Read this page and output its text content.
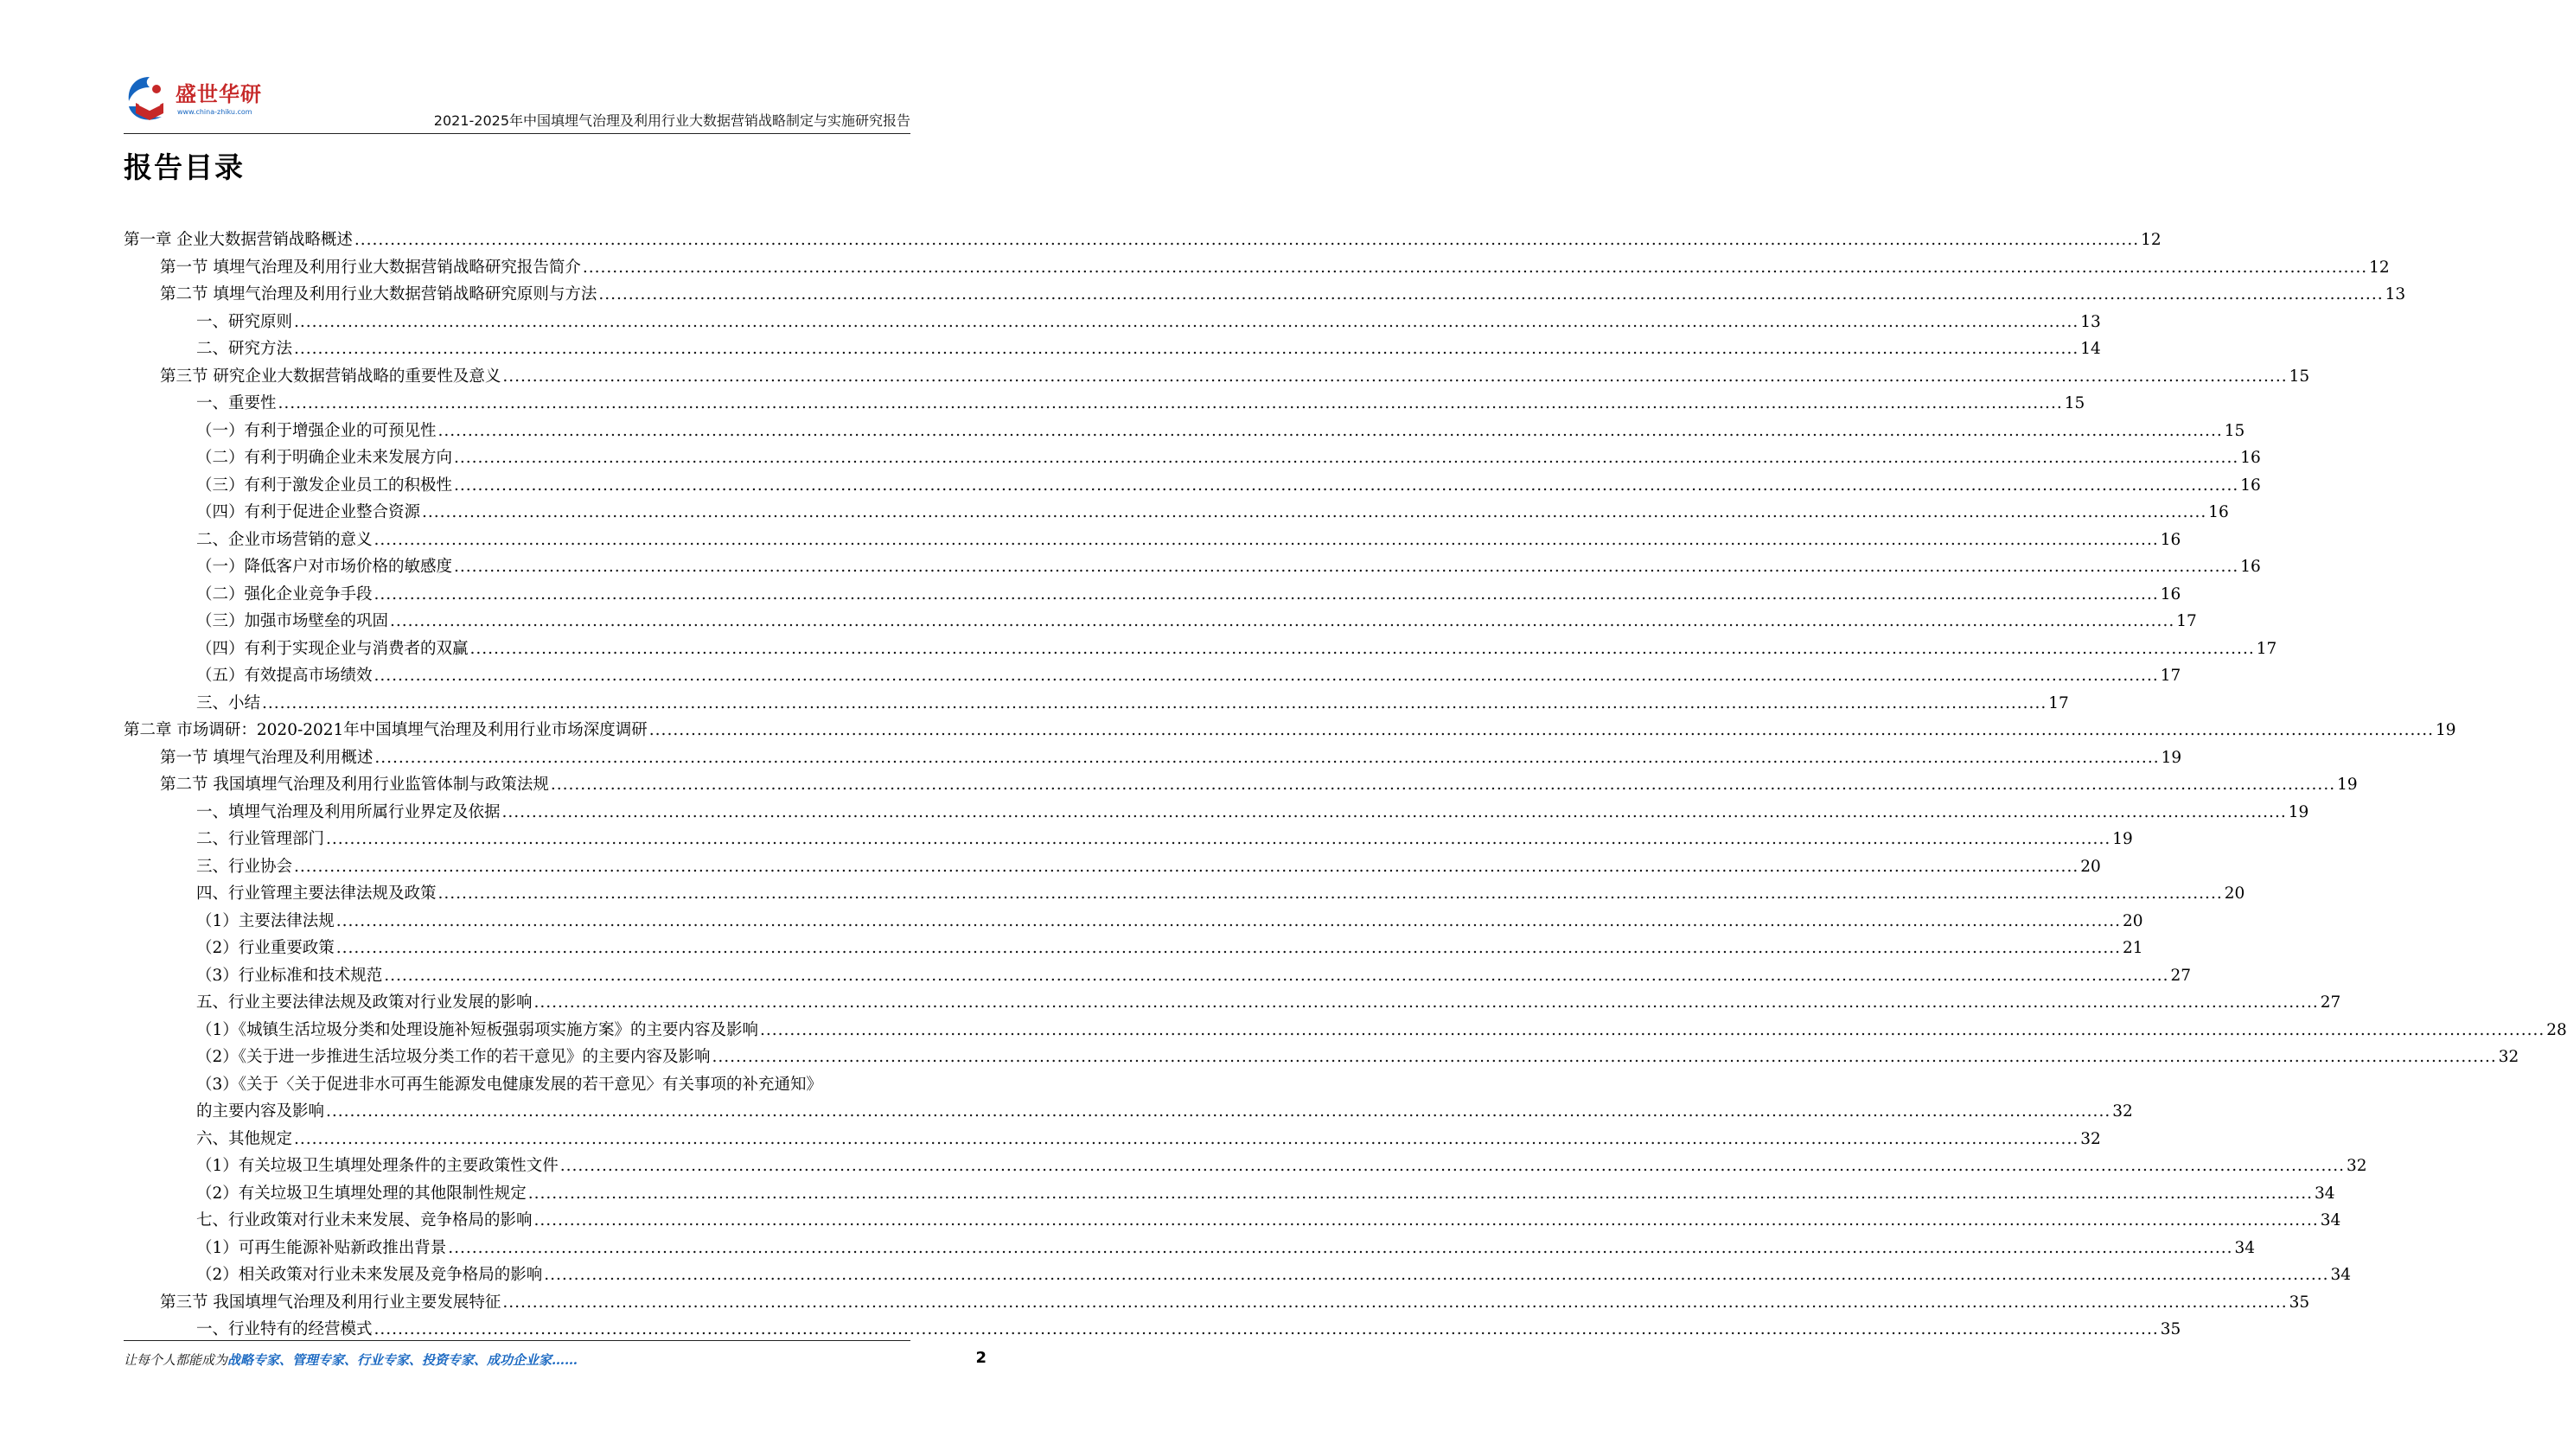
盛世华研
www.china-zhiku.com
2021-2025年中国填埋气治理及利用行业大数据营销战略制定与实施研究报告
报告目录
第一章 企业大数据营销战略概述 ............................................................................................................................................................................................................................................................................................................ 12
第一节 填埋气治理及利用行业大数据营销战略研究报告简介 ............................................................................................................................................................................................................................................................................................................ 12
第二节 填埋气治理及利用行业大数据营销战略研究原则与方法 ............................................................................................................................................................................................................................................................................................................ 13
一、研究原则 ............................................................................................................................................................................................................................................................................................................ 13
二、研究方法 ............................................................................................................................................................................................................................................................................................................ 14
第三节 研究企业大数据营销战略的重要性及意义 ............................................................................................................................................................................................................................................................................................................ 15
一、重要性 ............................................................................................................................................................................................................................................................................................................ 15
（一）有利于增强企业的可预见性 ............................................................................................................................................................................................................................................................................................................ 15
（二）有利于明确企业未来发展方向 ............................................................................................................................................................................................................................................................................................................ 16
（三）有利于激发企业员工的积极性 ............................................................................................................................................................................................................................................................................................................ 16
（四）有利于促进企业整合资源 ............................................................................................................................................................................................................................................................................................................ 16
二、企业市场营销的意义 ............................................................................................................................................................................................................................................................................................................ 16
（一）降低客户对市场价格的敏感度 ............................................................................................................................................................................................................................................................................................................ 16
（二）强化企业竞争手段 ............................................................................................................................................................................................................................................................................................................ 16
（三）加强市场壁垒的巩固 ............................................................................................................................................................................................................................................................................................................ 17
（四）有利于实现企业与消费者的双赢 ............................................................................................................................................................................................................................................................................................................ 17
（五）有效提高市场绩效 ............................................................................................................................................................................................................................................................................................................ 17
三、小结 ............................................................................................................................................................................................................................................................................................................ 17
第二章 市场调研：2020-2021年中国填埋气治理及利用行业市场深度调研 ............................................................................................................................................................................................................................................................................................................ 19
第一节 填埋气治理及利用概述 ............................................................................................................................................................................................................................................................................................................ 19
第二节 我国填埋气治理及利用行业监管体制与政策法规 ............................................................................................................................................................................................................................................................................................................ 19
一、填埋气治理及利用所属行业界定及依据 ............................................................................................................................................................................................................................................................................................................ 19
二、行业管理部门 ............................................................................................................................................................................................................................................................................................................ 19
三、行业协会 ............................................................................................................................................................................................................................................................................................................ 20
四、行业管理主要法律法规及政策 ............................................................................................................................................................................................................................................................................................................ 20
（1）主要法律法规 ............................................................................................................................................................................................................................................................................................................ 20
（2）行业重要政策 ............................................................................................................................................................................................................................................................................................................ 21
（3）行业标准和技术规范 ............................................................................................................................................................................................................................................................................................................ 27
五、行业主要法律法规及政策对行业发展的影响 ............................................................................................................................................................................................................................................................................................................ 27
（1）《城镇生活垃圾分类和处理设施补短板强弱项实施方案》的主要内容及影响 ............................................................................................................................................................................................................................................................................................................ 28
（2）《关于进一步推进生活垃圾分类工作的若干意见》的主要内容及影响 ............................................................................................................................................................................................................................................................................................................ 32
（3）《关于〈关于促进非水可再生能源发电健康发展的若干意见〉有关事项的补充通知》
的主要内容及影响 ............................................................................................................................................................................................................................................................................................................ 32
六、其他规定 ............................................................................................................................................................................................................................................................................................................ 32
（1）有关垃圾卫生填埋处理条件的主要政策性文件 ............................................................................................................................................................................................................................................................................................................ 32
（2）有关垃圾卫生填埋处理的其他限制性规定 ............................................................................................................................................................................................................................................................................................................ 34
七、行业政策对行业未来发展、竞争格局的影响 ............................................................................................................................................................................................................................................................................................................ 34
（1）可再生能源补贴新政推出背景 ............................................................................................................................................................................................................................................................................................................ 34
（2）相关政策对行业未来发展及竞争格局的影响 ............................................................................................................................................................................................................................................................................................................ 34
第三节 我国填埋气治理及利用行业主要发展特征 ............................................................................................................................................................................................................................................................................................................ 35
一、行业特有的经营模式 ............................................................................................................................................................................................................................................................................................................ 35
让每个人都能成为战略专家、管理专家、行业专家、投资专家、成功企业家……	2
